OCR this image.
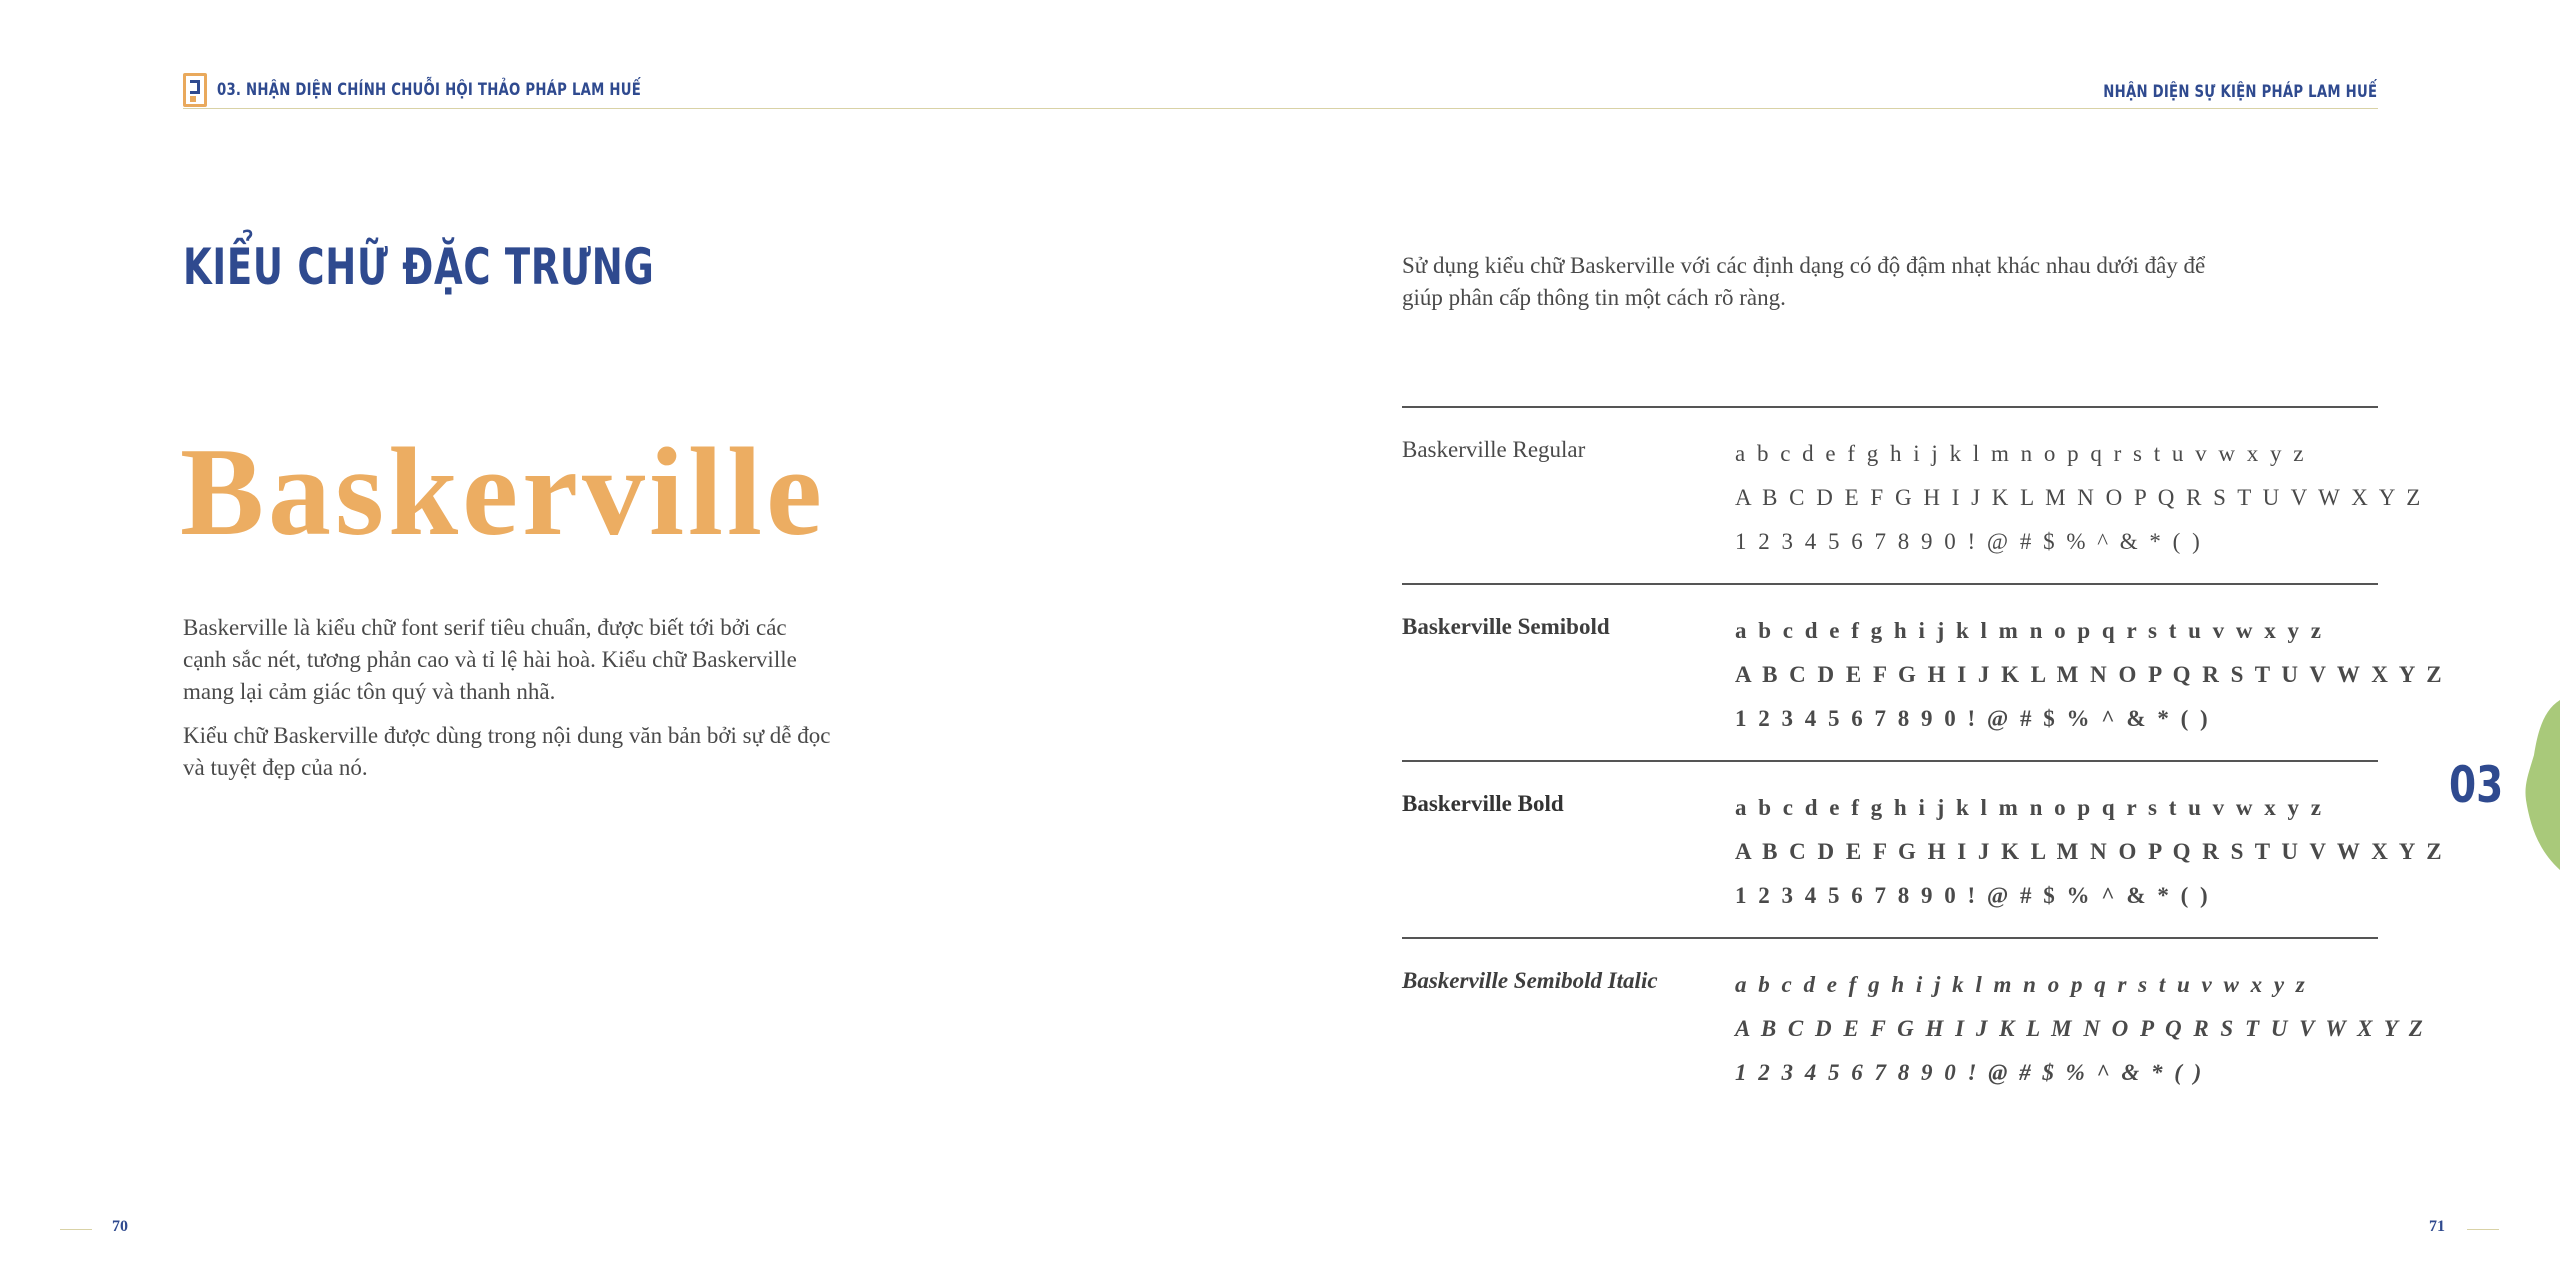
03. NHẬN DIỆN CHÍNH CHUỖI HỘI THẢO PHÁP LAM HUẾ	NHẬN DIỆN SỰ KIỆN PHÁP LAM HUẾ
KIỂU CHỮ ĐẶC TRƯNG
Baskerville

Baskerville là kiểu chữ font serif tiêu chuẩn, được biết tới bởi các cạnh sắc nét, tương phản cao và tỉ lệ hài hoà. Kiểu chữ Baskerville mang lại cảm giác tôn quý và thanh nhã.

Kiểu chữ Baskerville được dùng trong nội dung văn bản bởi sự dễ đọc và tuyệt đẹp của nó.

Sử dụng kiểu chữ Baskerville với các định dạng có độ đậm nhạt khác nhau dưới đây để giúp phân cấp thông tin một cách rõ ràng.
Baskerville Regular	a b c d e f g h i j k l m n o p q r s t u v w x y z
A B C D E F G H I J K L M N O P Q R S T U V W X Y Z
1 2 3 4 5 6 7 8 9 0 ! @ # $ % ^ & * ( )
Baskerville Semibold	a b c d e f g h i j k l m n o p q r s t u v w x y z
A B C D E F G H I J K L M N O P Q R S T U V W X Y Z
1 2 3 4 5 6 7 8 9 0 ! @ # $ % ^ & * ( )
Baskerville Bold	a b c d e f g h i j k l m n o p q r s t u v w x y z
A B C D E F G H I J K L M N O P Q R S T U V W X Y Z
1 2 3 4 5 6 7 8 9 0 ! @ # $ % ^ & * ( )
Baskerville Semibold Italic	a b c d e f g h i j k l m n o p q r s t u v w x y z
A B C D E F G H I J K L M N O P Q R S T U V W X Y Z
1 2 3 4 5 6 7 8 9 0 ! @ # $ % ^ & * ( )
03
70	71
